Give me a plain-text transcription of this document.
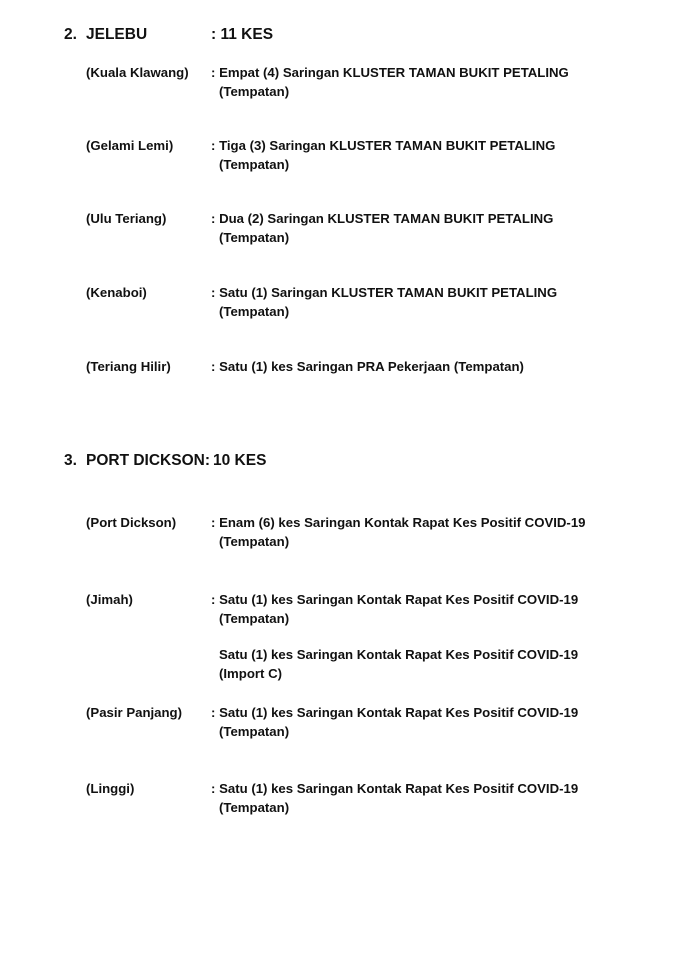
2. JELEBU	: 11 KES
(Kuala Klawang) : Empat (4) Saringan KLUSTER TAMAN BUKIT PETALING
(Tempatan)
(Gelami Lemi)	: Tiga (3) Saringan KLUSTER TAMAN BUKIT PETALING
(Tempatan)
(Ulu Teriang)	: Dua (2) Saringan KLUSTER TAMAN BUKIT PETALING
(Tempatan)
(Kenaboi)	: Satu (1) Saringan KLUSTER TAMAN BUKIT PETALING
(Tempatan)
(Teriang Hilir)	: Satu (1) kes Saringan PRA Pekerjaan (Tempatan)
3. PORT DICKSON: 10 KES
(Port Dickson)	: Enam (6) kes Saringan Kontak Rapat Kes Positif COVID-19
(Tempatan)
(Jimah)	: Satu (1) kes Saringan Kontak Rapat Kes Positif COVID-19
(Tempatan)
Satu (1) kes Saringan Kontak Rapat Kes Positif COVID-19
(Import C)
(Pasir Panjang) : Satu (1) kes Saringan Kontak Rapat Kes Positif COVID-19
(Tempatan)
(Linggi)	: Satu (1) kes Saringan Kontak Rapat Kes Positif COVID-19
(Tempatan)
